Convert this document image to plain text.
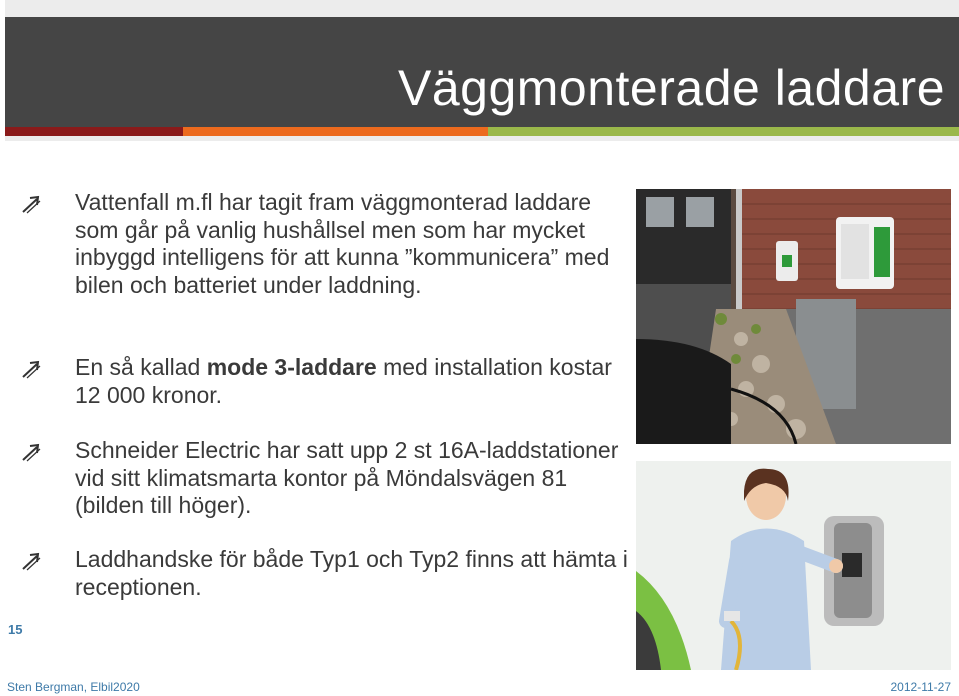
Väggmonterade laddare
Vattenfall m.fl har tagit fram väggmonterad laddare som går på vanlig hushållsel men som har mycket inbyggd intelligens för att kunna ”kommunicera” med bilen och batteriet under laddning.
En så kallad mode 3-laddare med installation kostar 12 000 kronor.
Schneider Electric har satt upp 2 st 16A-laddstationer vid sitt klimatsmarta kontor på Möndalsvägen 81 (bilden till höger).
Laddhandske för både Typ1 och Typ2 finns att hämta i receptionen.
15
Sten Bergman, Elbil2020	2012-11-27
